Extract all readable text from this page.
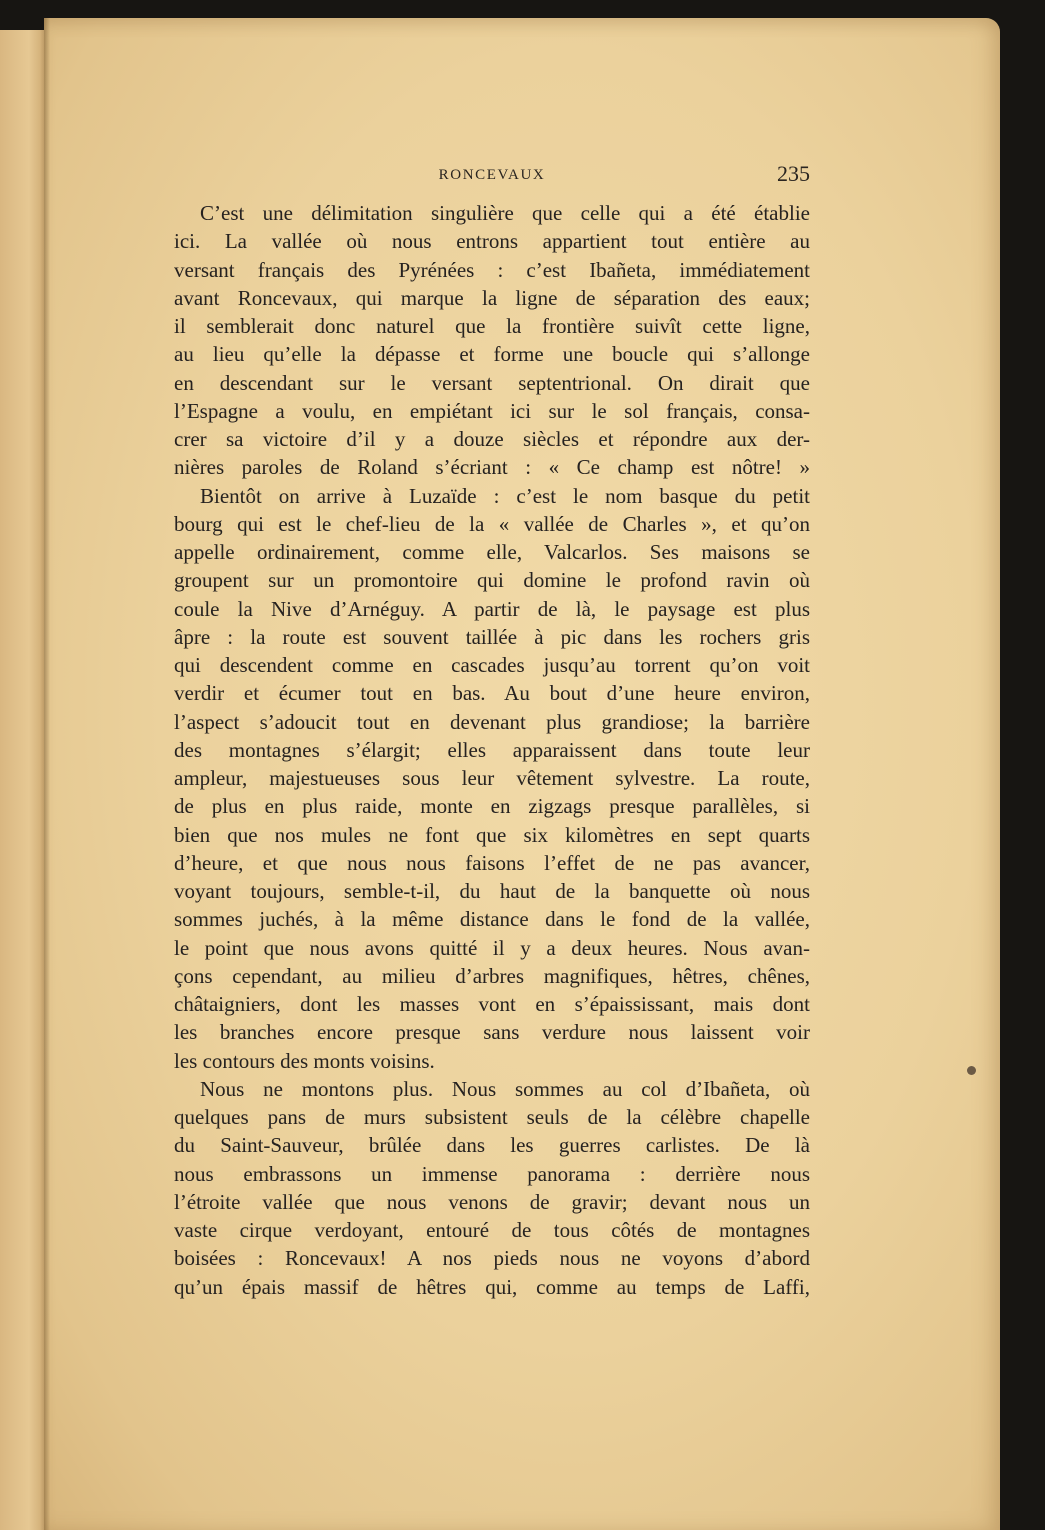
RONCEVAUX	235
C’est une délimitation singulière que celle qui a été établie
ici. La vallée où nous entrons appartient tout entière au
versant français des Pyrénées : c’est Ibañeta, immédiatement
avant Roncevaux, qui marque la ligne de séparation des eaux;
il semblerait donc naturel que la frontière suivît cette ligne,
au lieu qu’elle la dépasse et forme une boucle qui s’allonge
en descendant sur le versant septentrional. On dirait que
l’Espagne a voulu, en empiétant ici sur le sol français, consa-
crer sa victoire d’il y a douze siècles et répondre aux der-
nières paroles de Roland s’écriant : « Ce champ est nôtre! »
Bientôt on arrive à Luzaïde : c’est le nom basque du petit
bourg qui est le chef-lieu de la « vallée de Charles », et qu’on
appelle ordinairement, comme elle, Valcarlos. Ses maisons se
groupent sur un promontoire qui domine le profond ravin où
coule la Nive d’Arnéguy. A partir de là, le paysage est plus
âpre : la route est souvent taillée à pic dans les rochers gris
qui descendent comme en cascades jusqu’au torrent qu’on voit
verdir et écumer tout en bas. Au bout d’une heure environ,
l’aspect s’adoucit tout en devenant plus grandiose; la barrière
des montagnes s’élargit; elles apparaissent dans toute leur
ampleur, majestueuses sous leur vêtement sylvestre. La route,
de plus en plus raide, monte en zigzags presque parallèles, si
bien que nos mules ne font que six kilomètres en sept quarts
d’heure, et que nous nous faisons l’effet de ne pas avancer,
voyant toujours, semble-t-il, du haut de la banquette où nous
sommes juchés, à la même distance dans le fond de la vallée,
le point que nous avons quitté il y a deux heures. Nous avan-
çons cependant, au milieu d’arbres magnifiques, hêtres, chênes,
châtaigniers, dont les masses vont en s’épaississant, mais dont
les branches encore presque sans verdure nous laissent voir
les contours des monts voisins.
Nous ne montons plus. Nous sommes au col d’Ibañeta, où
quelques pans de murs subsistent seuls de la célèbre chapelle
du Saint-Sauveur, brûlée dans les guerres carlistes. De là
nous embrassons un immense panorama : derrière nous
l’étroite vallée que nous venons de gravir; devant nous un
vaste cirque verdoyant, entouré de tous côtés de montagnes
boisées : Roncevaux! A nos pieds nous ne voyons d’abord
qu’un épais massif de hêtres qui, comme au temps de Laffi,
